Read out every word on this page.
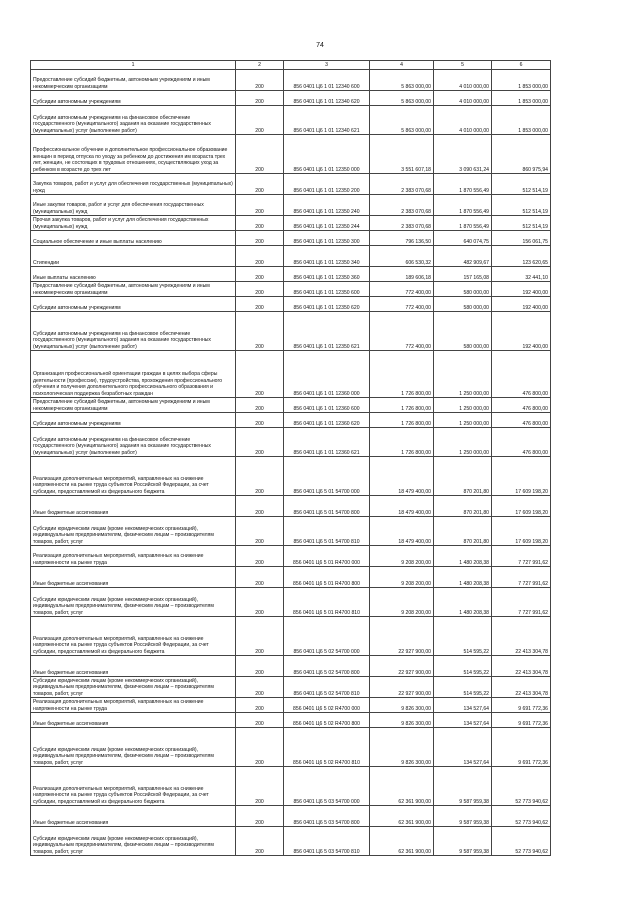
74
1	2	3	4	5	6
Предоставление субсидий бюджетным, автономным учреждениям и иным некоммерческим организациям	200	856 0401 Ц6 1 01 12340 600	5 863 000,00	4 010 000,00	1 853 000,00
Субсидии автономным учреждениям	200	856 0401 Ц6 1 01 12340 620	5 863 000,00	4 010 000,00	1 853 000,00
Субсидии автономным учреждениям на финансовое обеспечение государственного (муниципального) задания на оказание государственных (муниципальных) услуг (выполнение работ)	200	856 0401 Ц6 1 01 12340 621	5 863 000,00	4 010 000,00	1 853 000,00
Профессиональное обучение и дополнительное профессиональное образование женщин в период отпуска по уходу за ребенком до достижения им возраста трех лет, женщин, не состоящих в трудовых отношениях, осуществляющих уход за ребенком в возрасте до трех лет	200	856 0401 Ц6 1 01 12350 000	3 551 607,18	3 090 631,24	860 975,94
Закупка товаров, работ и услуг для обеспечения государственных (муниципальных) нужд	200	856 0401 Ц6 1 01 12350 200	2 383 070,68	1 870 556,49	512 514,19
Иные закупки товаров, работ и услуг для обеспечения государственных (муниципальных) нужд	200	856 0401 Ц6 1 01 12350 240	2 383 070,68	1 870 556,49	512 514,19
Прочая закупка товаров, работ и услуг для обеспечения государственных (муниципальных) нужд	200	856 0401 Ц6 1 01 12350 244	2 383 070,68	1 870 556,49	512 514,19
Социальное обеспечение и иные выплаты населению	200	856 0401 Ц6 1 01 12350 300	796 136,50	640 074,75	156 061,75
Стипендии	200	856 0401 Ц6 1 01 12350 340	606 530,32	482 909,67	123 620,65
Иные выплаты населению	200	856 0401 Ц6 1 01 12350 360	189 606,18	157 165,08	32 441,10
Предоставление субсидий бюджетным, автономным учреждениям и иным некоммерческим организациям	200	856 0401 Ц6 1 01 12350 600	772 400,00	580 000,00	192 400,00
Субсидии автономным учреждениям	200	856 0401 Ц6 1 01 12350 620	772 400,00	580 000,00	192 400,00
Субсидии автономным учреждениям на финансовое обеспечение государственного (муниципального) задания на оказание государственных (муниципальных) услуг (выполнение работ)	200	856 0401 Ц6 1 01 12350 621	772 400,00	580 000,00	192 400,00
Организация профессиональной ориентации граждан в целях выбора сферы деятельности (профессии), трудоустройства, прохождения профессионального обучения и получения дополнительного профессионального образования и психологическая поддержка безработных граждан	200	856 0401 Ц6 1 01 12360 000	1 726 800,00	1 250 000,00	476 800,00
Предоставление субсидий бюджетным, автономным учреждениям и иным некоммерческим организациям	200	856 0401 Ц6 1 01 12360 600	1 726 800,00	1 250 000,00	476 800,00
Субсидии автономным учреждениям	200	856 0401 Ц6 1 01 12360 620	1 726 800,00	1 250 000,00	476 800,00
Субсидии автономным учреждениям на финансовое обеспечение государственного (муниципального) задания на оказание государственных (муниципальных) услуг (выполнение работ)	200	856 0401 Ц6 1 01 12360 621	1 726 800,00	1 250 000,00	476 800,00
Реализация дополнительных мероприятий, направленных на снижение напряженности на рынке труда субъектов Российской Федерации, за счет субсидии, предоставляемой из федерального бюджета	200	856 0401 Ц6 5 01 54700 000	18 479 400,00	870 201,80	17 609 198,20
Иные бюджетные ассигнования	200	856 0401 Ц6 5 01 54700 800	18 479 400,00	870 201,80	17 609 198,20
Субсидии юридическим лицам (кроме некоммерческих организаций), индивидуальным предпринимателям, физическим лицам – производителям товаров, работ, услуг	200	856 0401 Ц6 5 01 54700 810	18 479 400,00	870 201,80	17 609 198,20
Реализация дополнительных мероприятий, направленных на снижение напряженности на рынке труда	200	856 0401 Ц6 5 01 R4700 000	9 208 200,00	1 480 208,38	7 727 991,62
Иные бюджетные ассигнования	200	856 0401 Ц6 5 01 R4700 800	9 208 200,00	1 480 208,38	7 727 991,62
Субсидии юридическим лицам (кроме некоммерческих организаций), индивидуальным предпринимателям, физическим лицам – производителям товаров, работ, услуг	200	856 0401 Ц6 5 01 R4700 810	9 208 200,00	1 480 208,38	7 727 991,62
Реализация дополнительных мероприятий, направленных на снижение напряженности на рынке труда субъектов Российской Федерации, за счет субсидии, предоставляемой из федерального бюджета	200	856 0401 Ц6 5 02 54700 000	22 927 900,00	514 595,22	22 413 304,78
Иные бюджетные ассигнования	200	856 0401 Ц6 5 02 54700 800	22 927 900,00	514 595,22	22 413 304,78
Субсидии юридическим лицам (кроме некоммерческих организаций), индивидуальным предпринимателям, физическим лицам – производителям товаров, работ, услуг	200	856 0401 Ц6 5 02 54700 810	22 927 900,00	514 595,22	22 413 304,78
Реализация дополнительных мероприятий, направленных на снижение напряженности на рынке труда	200	856 0401 Ц6 5 02 R4700 000	9 826 300,00	134 527,64	9 691 772,36
Иные бюджетные ассигнования	200	856 0401 Ц6 5 02 R4700 800	9 826 300,00	134 527,64	9 691 772,36
Субсидии юридическим лицам (кроме некоммерческих организаций), индивидуальным предпринимателям, физическим лицам – производителям товаров, работ, услуг	200	856 0401 Ц6 5 02 R4700 810	9 826 300,00	134 527,64	9 691 772,36
Реализация дополнительных мероприятий, направленных на снижение напряженности на рынке труда субъектов Российской Федерации, за счет субсидии, предоставляемой из федерального бюджета	200	856 0401 Ц6 5 03 54700 000	62 361 900,00	9 587 959,38	52 773 940,62
Иные бюджетные ассигнования	200	856 0401 Ц6 5 03 54700 800	62 361 900,00	9 587 959,38	52 773 940,62
Субсидии юридическим лицам (кроме некоммерческих организаций), индивидуальным предпринимателям, физическим лицам – производителям товаров, работ, услуг	200	856 0401 Ц6 5 03 54700 810	62 361 900,00	9 587 959,38	52 773 940,62
